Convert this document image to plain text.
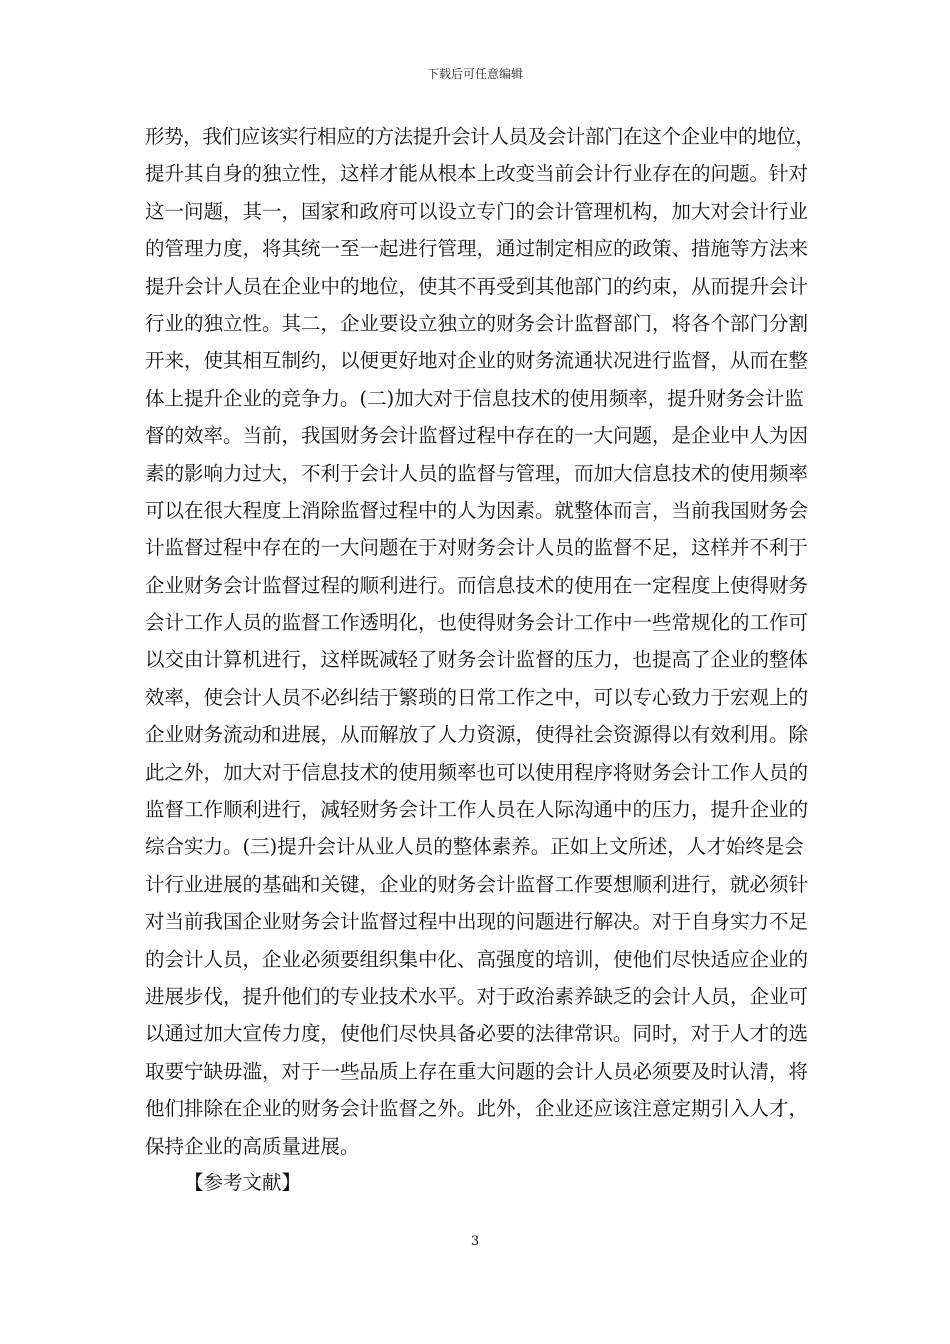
下载后可任意编辑
形势，我们应该实行相应的方法提升会计人员及会计部门在这个企业中的地位，
提升其自身的独立性，这样才能从根本上改变当前会计行业存在的问题。针对
这一问题，其一，国家和政府可以设立专门的会计管理机构，加大对会计行业
的管理力度，将其统一至一起进行管理，通过制定相应的政策、措施等方法来
提升会计人员在企业中的地位，使其不再受到其他部门的约束，从而提升会计
行业的独立性。其二，企业要设立独立的财务会计监督部门，将各个部门分割
开来，使其相互制约，以便更好地对企业的财务流通状况进行监督，从而在整
体上提升企业的竞争力。(二)加大对于信息技术的使用频率，提升财务会计监
督的效率。当前，我国财务会计监督过程中存在的一大问题，是企业中人为因
素的影响力过大，不利于会计人员的监督与管理，而加大信息技术的使用频率
可以在很大程度上消除监督过程中的人为因素。就整体而言，当前我国财务会
计监督过程中存在的一大问题在于对财务会计人员的监督不足，这样并不利于
企业财务会计监督过程的顺利进行。而信息技术的使用在一定程度上使得财务
会计工作人员的监督工作透明化，也使得财务会计工作中一些常规化的工作可
以交由计算机进行，这样既减轻了财务会计监督的压力，也提高了企业的整体
效率，使会计人员不必纠结于繁琐的日常工作之中，可以专心致力于宏观上的
企业财务流动和进展，从而解放了人力资源，使得社会资源得以有效利用。除
此之外，加大对于信息技术的使用频率也可以使用程序将财务会计工作人员的
监督工作顺利进行，减轻财务会计工作人员在人际沟通中的压力，提升企业的
综合实力。(三)提升会计从业人员的整体素养。正如上文所述，人才始终是会
计行业进展的基础和关键，企业的财务会计监督工作要想顺利进行，就必须针
对当前我国企业财务会计监督过程中出现的问题进行解决。对于自身实力不足
的会计人员，企业必须要组织集中化、高强度的培训，使他们尽快适应企业的
进展步伐，提升他们的专业技术水平。对于政治素养缺乏的会计人员，企业可
以通过加大宣传力度，使他们尽快具备必要的法律常识。同时，对于人才的选
取要宁缺毋滥，对于一些品质上存在重大问题的会计人员必须要及时认清，将
他们排除在企业的财务会计监督之外。此外，企业还应该注意定期引入人才，
保持企业的高质量进展。
【参考文献】
3
